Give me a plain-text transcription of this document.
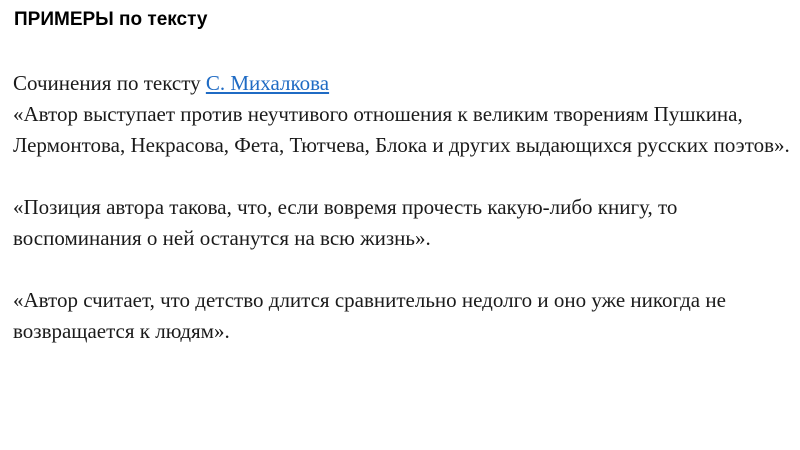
ПРИМЕРЫ по тексту

Сочинения по тексту С. Михалкова

«Автор выступает против неучтивого отношения к великим творениям Пушкина, Лермонтова, Некрасова, Фета, Тютчева, Блока и других выдающихся русских поэтов».

«Позиция автора такова, что, если вовремя прочесть какую-либо книгу, то воспоминания о ней останутся на всю жизнь».

«Автор считает, что детство длится сравнительно недолго и оно уже никогда не возвращается к людям».
